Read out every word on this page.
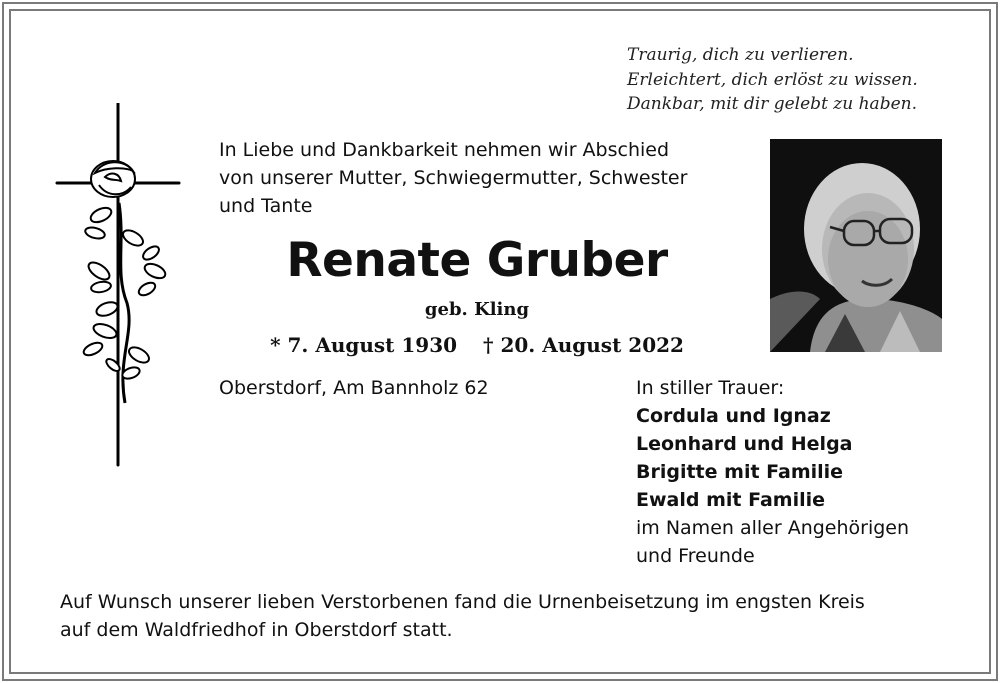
Traurig, dich zu verlieren.
Erleichtert, dich erlöst zu wissen.
Dankbar, mit dir gelebt zu haben.
In Liebe und Dankbarkeit nehmen wir Abschied
von unserer Mutter, Schwiegermutter, Schwester
und Tante
Renate Gruber
geb. Kling
* 7. August 1930 † 20. August 2022
Oberstdorf, Am Bannholz 62	In stiller Trauer:
Cordula und Ignaz
Leonhard und Helga
Brigitte mit Familie
Ewald mit Familie
im Namen aller Angehörigen
und Freunde
Auf Wunsch unserer lieben Verstorbenen fand die Urnenbeisetzung im engsten Kreis
auf dem Waldfriedhof in Oberstdorf statt.
